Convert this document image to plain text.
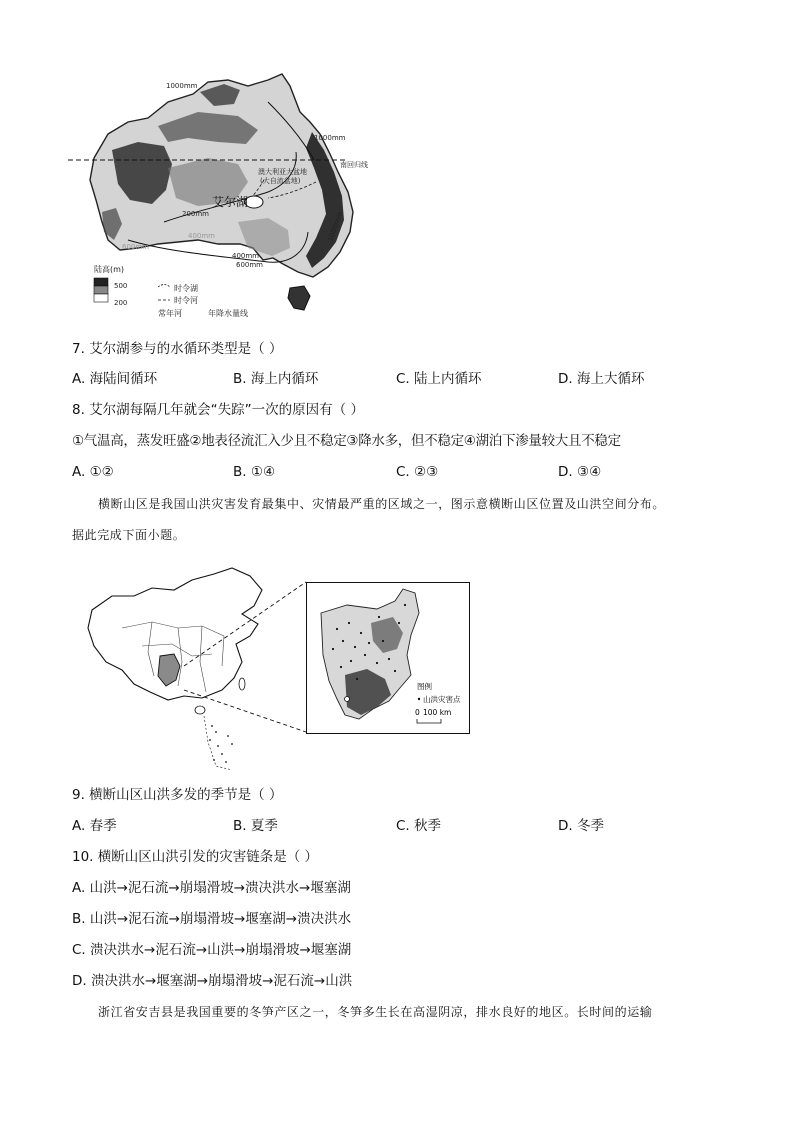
1000mm
1000mm
南回归线
澳大利亚大盆地
(大自流盆地)
艾尔湖
200mm
400mm
600mm
400mm
600mm
1000mm
陆高(m)
500
200
时令湖
时令河
常年河	年降水量线
7. 艾尔湖参与的水循环类型是（ ）
A. 海陆间循环	B. 海上内循环	C. 陆上内循环	D. 海上大循环
8. 艾尔湖每隔几年就会“失踪”一次的原因有（ ）
①气温高，蒸发旺盛②地表径流汇入少且不稳定③降水多，但不稳定④湖泊下渗量较大且不稳定
A. ①②	B. ①④	C. ②③	D. ③④
横断山区是我国山洪灾害发育最集中、灾情最严重的区域之一，图示意横断山区位置及山洪空间分布。
据此完成下面小题。
图例
山洪灾害点
0 100 km
9. 横断山区山洪多发的季节是（ ）
A. 春季	B. 夏季	C. 秋季	D. 冬季
10. 横断山区山洪引发的灾害链条是（ ）
A. 山洪→泥石流→崩塌滑坡→溃决洪水→堰塞湖
B. 山洪→泥石流→崩塌滑坡→堰塞湖→溃决洪水
C. 溃决洪水→泥石流→山洪→崩塌滑坡→堰塞湖
D. 溃决洪水→堰塞湖→崩塌滑坡→泥石流→山洪
浙江省安吉县是我国重要的冬笋产区之一，冬笋多生长在高湿阴凉，排水良好的地区。长时间的运输
